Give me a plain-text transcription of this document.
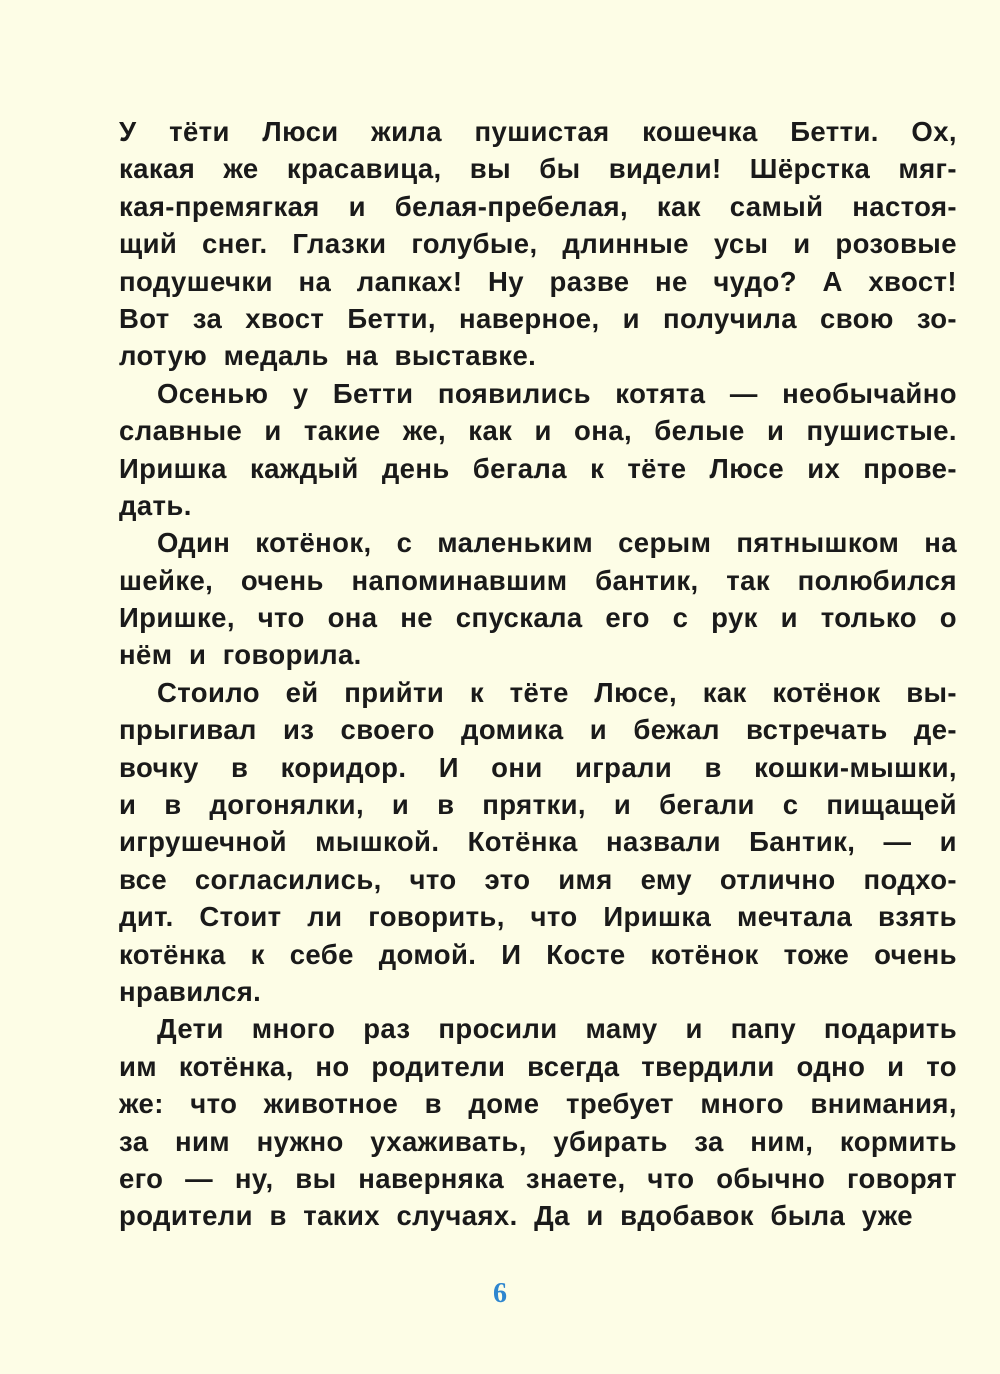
У тёти Люси жила пушистая кошечка Бетти. Ох,
какая же красавица, вы бы видели! Шёрстка мяг-
кая-премягкая и белая-пребелая, как самый настоя-
щий снег. Глазки голубые, длинные усы и розовые
подушечки на лапках! Ну разве не чудо? А хвост!
Вот за хвост Бетти, наверное, и получила свою зо-
лотую медаль на выставке.
Осенью у Бетти появились котята — необычайно
славные и такие же, как и она, белые и пушистые.
Иришка каждый день бегала к тёте Люсе их прове-
дать.
Один котёнок, с маленьким серым пятнышком на
шейке, очень напоминавшим бантик, так полюбился
Иришке, что она не спускала его с рук и только о
нём и говорила.
Стоило ей прийти к тёте Люсе, как котёнок вы-
прыгивал из своего домика и бежал встречать де-
вочку в коридор. И они играли в кошки-мышки,
и в догонялки, и в прятки, и бегали с пищащей
игрушечной мышкой. Котёнка назвали Бантик, — и
все согласились, что это имя ему отлично подхо-
дит. Стоит ли говорить, что Иришка мечтала взять
котёнка к себе домой. И Косте котёнок тоже очень
нравился.
Дети много раз просили маму и папу подарить
им котёнка, но родители всегда твердили одно и то
же: что животное в доме требует много внимания,
за ним нужно ухаживать, убирать за ним, кормить
его — ну, вы наверняка знаете, что обычно говорят
родители в таких случаях. Да и вдобавок была уже
6
